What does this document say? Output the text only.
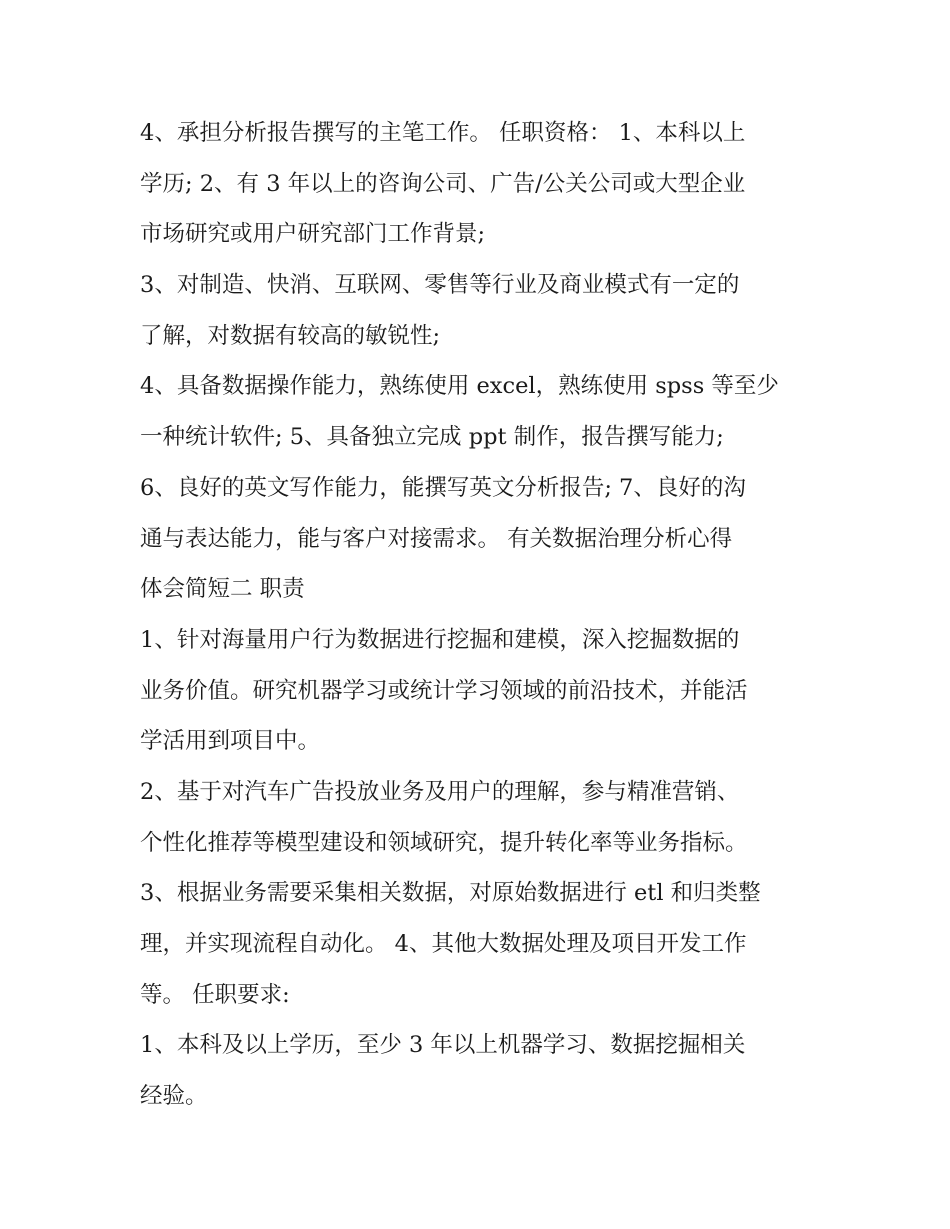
4、承担分析报告撰写的主笔工作。 任职资格： 1、本科以上
学历; 2、有 3 年以上的咨询公司、广告/公关公司或大型企业
市场研究或用户研究部门工作背景;
3、对制造、快消、互联网、零售等行业及商业模式有一定的
了解，对数据有较高的敏锐性;
4、具备数据操作能力，熟练使用 excel，熟练使用 spss 等至少
一种统计软件; 5、具备独立完成 ppt 制作，报告撰写能力;
6、良好的英文写作能力，能撰写英文分析报告; 7、良好的沟
通与表达能力，能与客户对接需求。 有关数据治理分析心得
体会简短二 职责
1、针对海量用户行为数据进行挖掘和建模，深入挖掘数据的
业务价值。研究机器学习或统计学习领域的前沿技术，并能活
学活用到项目中。
2、基于对汽车广告投放业务及用户的理解，参与精准营销、
个性化推荐等模型建设和领域研究，提升转化率等业务指标。
3、根据业务需要采集相关数据，对原始数据进行 etl 和归类整
理，并实现流程自动化。 4、其他大数据处理及项目开发工作
等。 任职要求:
1、本科及以上学历，至少 3 年以上机器学习、数据挖掘相关
经验。
